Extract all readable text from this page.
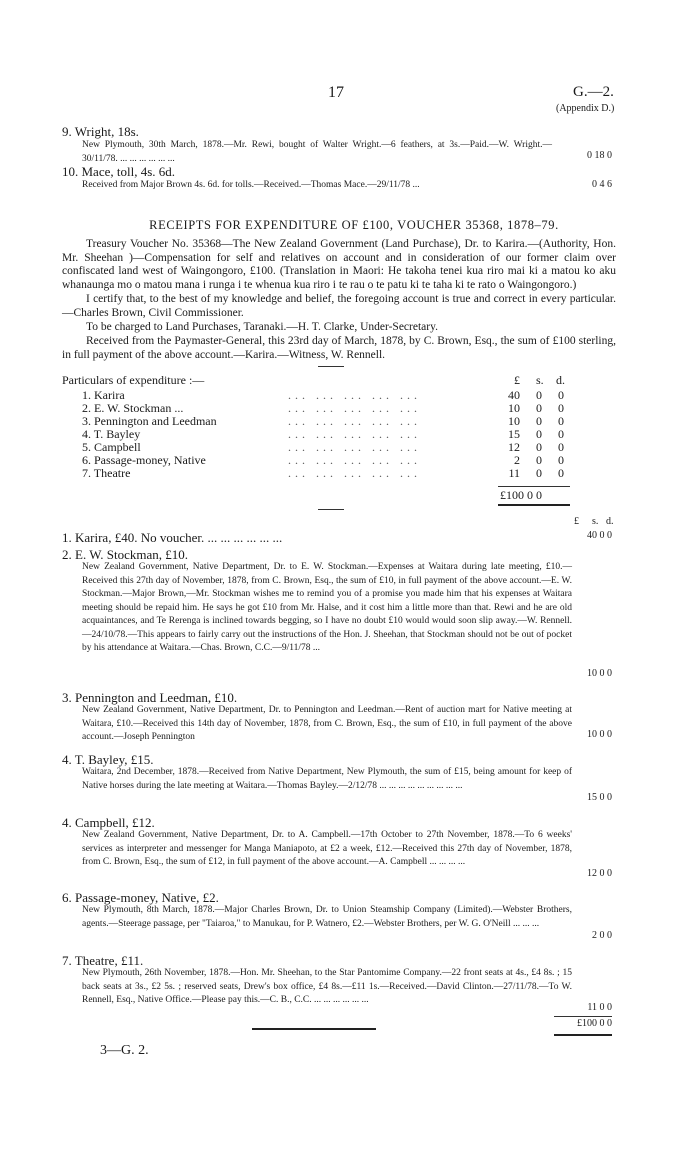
17	G.—2.
(Appendix D.)
9. Wright, 18s.
New Plymouth, 30th March, 1878.—Mr. Rewi, bought of Walter Wright.—6 feathers, at 3s.—Paid.—W. Wright.—30/11/78. ... ... ... ... ... ...	0 18 0
10. Mace, toll, 4s. 6d.
Received from Major Brown 4s. 6d. for tolls.—Received.—Thomas Mace.—29/11/78 ...	0 4 6
RECEIPTS FOR EXPENDITURE OF £100, VOUCHER 35368, 1878–79.
Treasury Voucher No. 35368—The New Zealand Government (Land Purchase), Dr. to Karira.—(Authority, Hon. Mr. Sheehan )—Compensation for self and relatives on account and in consideration of our former claim over confiscated land west of Waingongoro, £100. (Translation in Maori: He takoha tenei kua riro mai ki a matou ko aku whanaunga mo o matou mana i runga i te whenua kua riro i te rau o te patu ki te taha ki te rato o Waingongoro.)
I certify that, to the best of my knowledge and belief, the foregoing account is true and correct in every particular.—Charles Brown, Civil Commissioner.
To be charged to Land Purchases, Taranaki.—H. T. Clarke, Under-Secretary.
Received from the Paymaster-General, this 23rd day of March, 1878, by C. Brown, Esq., the sum of £100 sterling, in full payment of the above account.—Karira.—Witness, W. Rennell.
Particulars of expenditure :—	£ s. d.
1. Karira	... ... ... ... ...	40	0	0
2. E. W. Stockman ...	... ... ... ... ...	10	0	0
3. Pennington and Leedman	... ... ... ... ...	10	0	0
4. T. Bayley	... ... ... ... ...	15	0	0
5. Campbell	... ... ... ... ...	12	0	0
6. Passage-money, Native	... ... ... ... ...	2	0	0
7. Theatre	... ... ... ... ...	11	0	0
£100 0 0
£ s. d.
1. Karira, £40. No voucher. ... ... ... ... ... ...	40 0 0
2. E. W. Stockman, £10.
New Zealand Government, Native Department, Dr. to E. W. Stockman.—Expenses at Waitara during late meeting, £10.—Received this 27th day of November, 1878, from C. Brown, Esq., the sum of £10, in full payment of the above account.—E. W. Stockman.—Major Brown,—Mr. Stockman wishes me to remind you of a promise you made him that his expenses at Waitara meeting should be repaid him. He says he got £10 from Mr. Halse, and it cost him a little more than that. Rewi and he are old acquaintances, and Te Rerenga is inclined towards begging, so I have no doubt £10 would would soon slip away.—W. Rennell.—24/10/78.—This appears to fairly carry out the instructions of the Hon. J. Sheehan, that Stockman should not be out of pocket by his attendance at Waitara.—Chas. Brown, C.C.—9/11/78 ...
10 0 0
3. Pennington and Leedman, £10.
New Zealand Government, Native Department, Dr. to Pennington and Leedman.—Rent of auction mart for Native meeting at Waitara, £10.—Received this 14th day of November, 1878, from C. Brown, Esq., the sum of £10, in full payment of the above account.—Joseph Pennington	10 0 0
4. T. Bayley, £15.
Waitara, 2nd December, 1878.—Received from Native Department, New Plymouth, the sum of £15, being amount for keep of Native horses during the late meeting at Waitara.—Thomas Bayley.—2/12/78 ... ... ... ... ... ... ... ... ...
15 0 0
4. Campbell, £12.
New Zealand Government, Native Department, Dr. to A. Campbell.—17th October to 27th November, 1878.—To 6 weeks' services as interpreter and messenger for Manga Maniapoto, at £2 a week, £12.—Received this 27th day of November, 1878, from C. Brown, Esq., the sum of £12, in full payment of the above account.—A. Campbell ... ... ... ...
12 0 0
6. Passage-money, Native, £2.
New Plymouth, 8th March, 1878.—Major Charles Brown, Dr. to Union Steamship Company (Limited).—Webster Brothers, agents.—Steerage passage, per "Taiaroa," to Manukau, for P. Watnero, £2.—Webster Brothers, per W. G. O'Neill ... ... ...
2 0 0
7. Theatre, £11.
New Plymouth, 26th November, 1878.—Hon. Mr. Sheehan, to the Star Pantomime Company.—22 front seats at 4s., £4 8s. ; 15 back seats at 3s., £2 5s. ; reserved seats, Drew's box office, £4 8s.—£11 1s.—Received.—David Clinton.—27/11/78.—To W. Rennell, Esq., Native Office.—Please pay this.—C. B., C.C. ... ... ... ... ... ...
11 0 0
£100 0 0
3—G. 2.
